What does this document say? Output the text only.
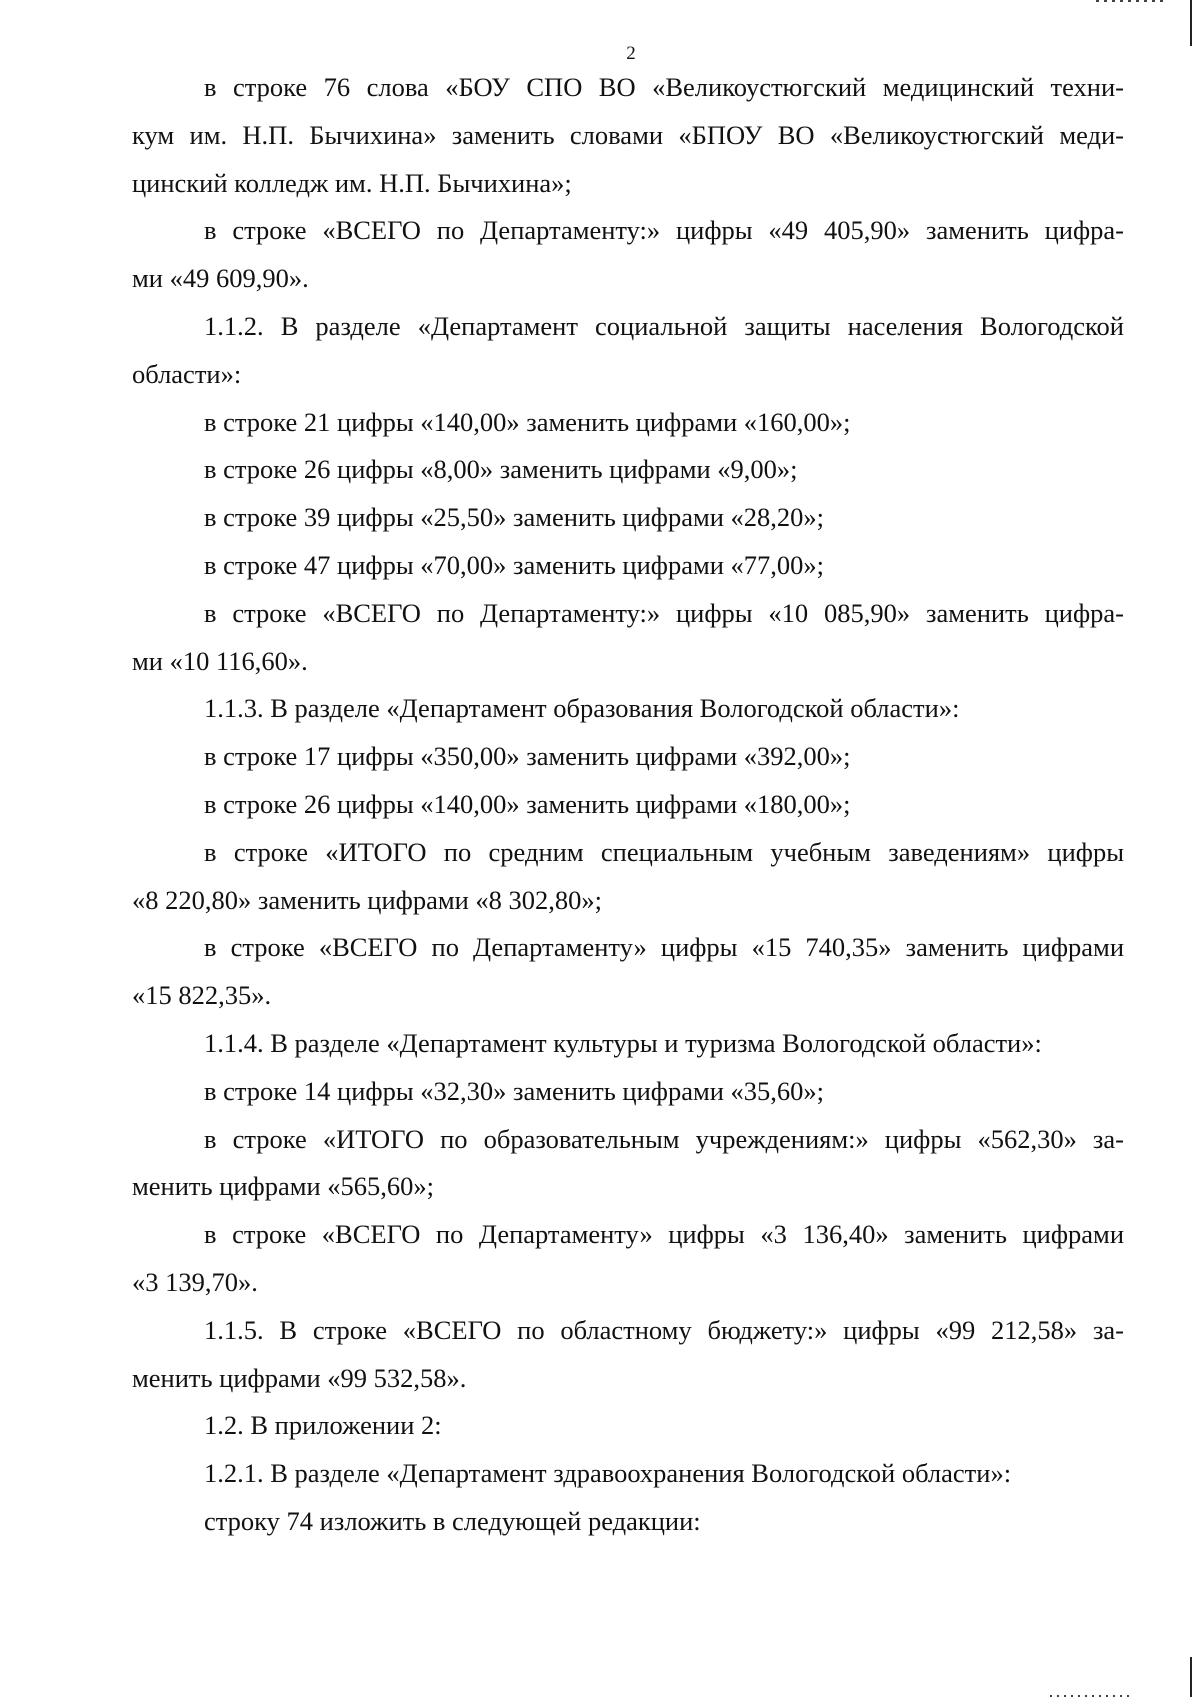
2
в строке 76 слова «БОУ СПО ВО «Великоустюгский медицинский техни-
кум им. Н.П. Бычихина» заменить словами «БПОУ ВО «Великоустюгский меди-
цинский колледж им. Н.П. Бычихина»;
в строке «ВСЕГО по Департаменту:» цифры «49 405,90» заменить цифра-
ми «49 609,90».
1.1.2. В разделе «Департамент социальной защиты населения Вологодской
области»:
в строке 21 цифры «140,00» заменить цифрами «160,00»;
в строке 26 цифры «8,00» заменить цифрами «9,00»;
в строке 39 цифры «25,50» заменить цифрами «28,20»;
в строке 47 цифры «70,00» заменить цифрами «77,00»;
в строке «ВСЕГО по Департаменту:» цифры «10 085,90» заменить цифра-
ми «10 116,60».
1.1.3. В разделе «Департамент образования Вологодской области»:
в строке 17 цифры «350,00» заменить цифрами «392,00»;
в строке 26 цифры «140,00» заменить цифрами «180,00»;
в строке «ИТОГО по средним специальным учебным заведениям» цифры
«8 220,80» заменить цифрами «8 302,80»;
в строке «ВСЕГО по Департаменту» цифры «15 740,35» заменить цифрами
«15 822,35».
1.1.4. В разделе «Департамент культуры и туризма Вологодской области»:
в строке 14 цифры «32,30» заменить цифрами «35,60»;
в строке «ИТОГО по образовательным учреждениям:» цифры «562,30» за-
менить цифрами «565,60»;
в строке «ВСЕГО по Департаменту» цифры «3 136,40» заменить цифрами
«3 139,70».
1.1.5. В строке «ВСЕГО по областному бюджету:» цифры «99 212,58» за-
менить цифрами «99 532,58».
1.2. В приложении 2:
1.2.1. В разделе «Департамент здравоохранения Вологодской области»:
строку 74 изложить в следующей редакции:
